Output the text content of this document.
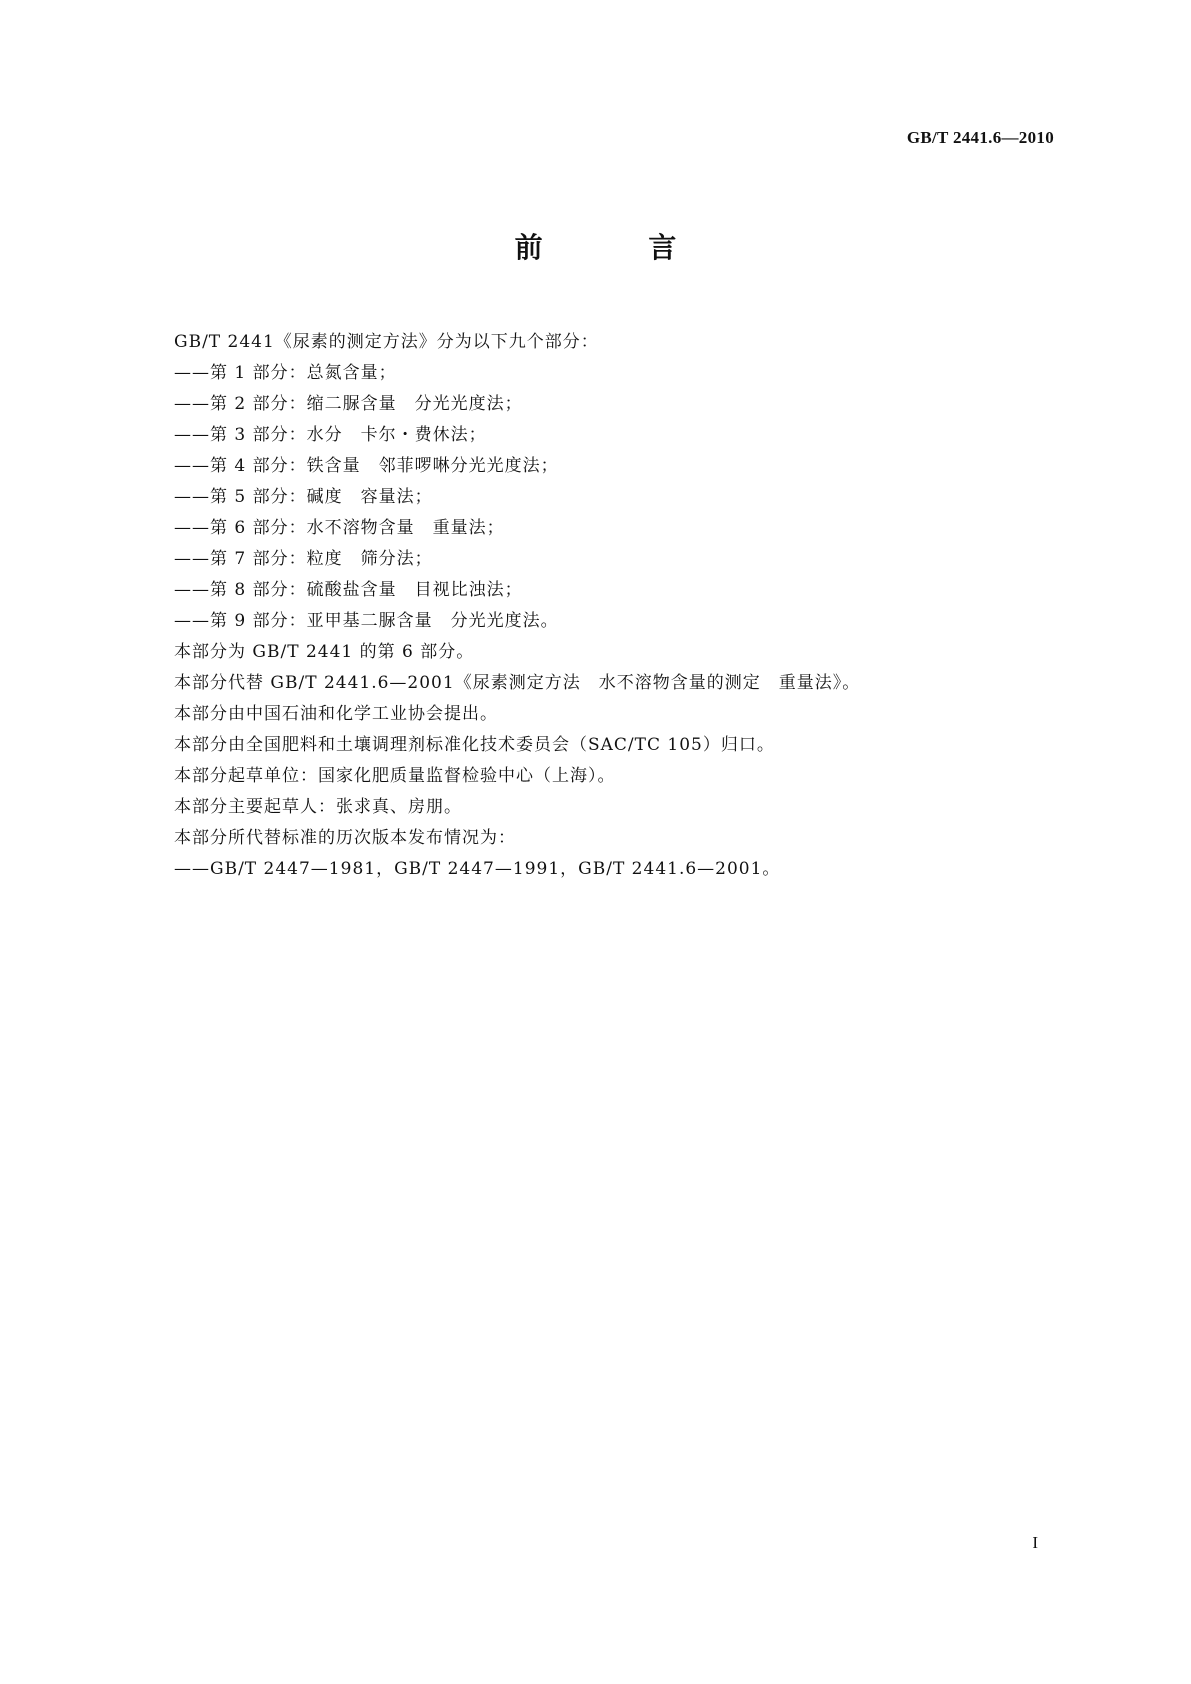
GB/T 2441.6—2010
前 言
GB/T 2441《尿素的测定方法》分为以下九个部分：
——第 1 部分：总氮含量；
——第 2 部分：缩二脲含量　分光光度法；
——第 3 部分：水分　卡尔・费休法；
——第 4 部分：铁含量　邻菲啰啉分光光度法；
——第 5 部分：碱度　容量法；
——第 6 部分：水不溶物含量　重量法；
——第 7 部分：粒度　筛分法；
——第 8 部分：硫酸盐含量　目视比浊法；
——第 9 部分：亚甲基二脲含量　分光光度法。
本部分为 GB/T 2441 的第 6 部分。
本部分代替 GB/T 2441.6—2001《尿素测定方法　水不溶物含量的测定　重量法》。
本部分由中国石油和化学工业协会提出。
本部分由全国肥料和土壤调理剂标准化技术委员会（SAC/TC 105）归口。
本部分起草单位：国家化肥质量监督检验中心（上海）。
本部分主要起草人：张求真、房朋。
本部分所代替标准的历次版本发布情况为：
——GB/T 2447—1981，GB/T 2447—1991，GB/T 2441.6—2001。
I
